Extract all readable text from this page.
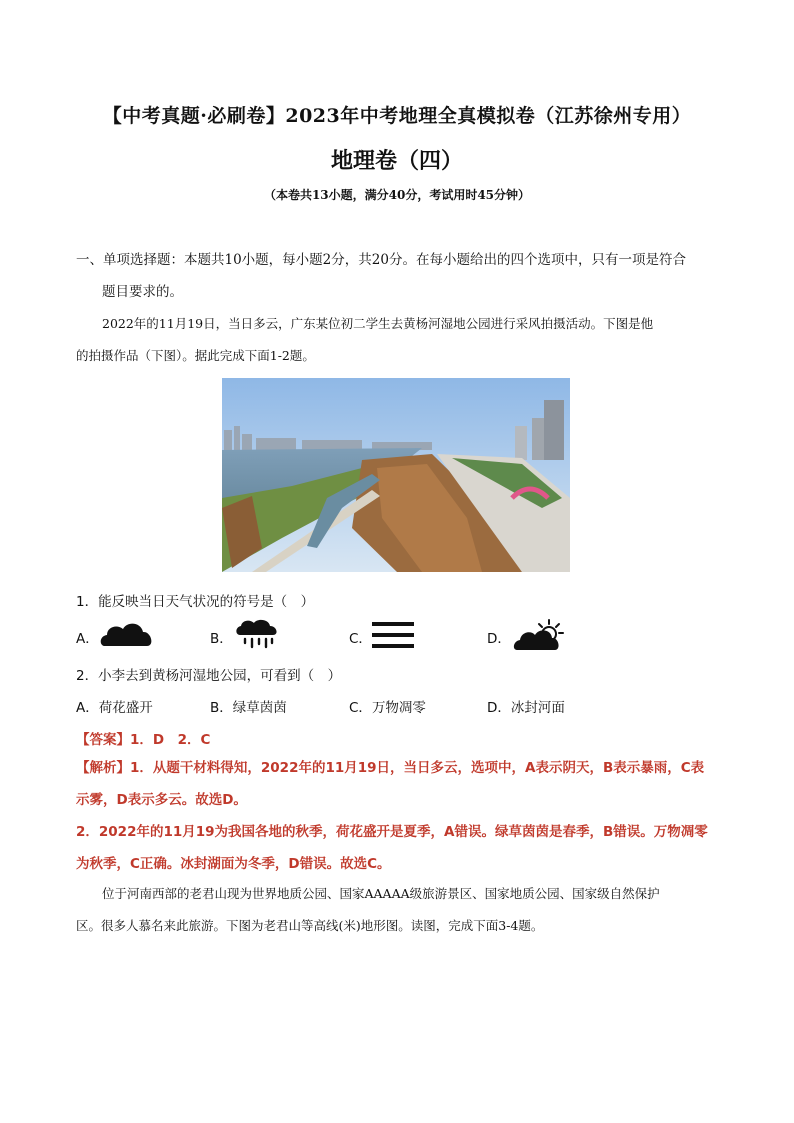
【中考真题·必刷卷】2023年中考地理全真模拟卷（江苏徐州专用）
地理卷（四）
（本卷共13小题，满分40分，考试用时45分钟）
一、单项选择题：本题共10小题，每小题2分，共20分。在每小题给出的四个选项中，只有一项是符合
题目要求的。
2022年的11月19日，当日多云，广东某位初二学生去黄杨河湿地公园进行采风拍摄活动。下图是他
的拍摄作品（下图）。据此完成下面1-2题。
1．能反映当日天气状况的符号是（　）
A．	B．	C．	D．
2．小李去到黄杨河湿地公园，可看到（　）
A．荷花盛开	B．绿草茵茵	C．万物凋零	D．冰封河面
【答案】1．D　2．C
【解析】1．从题干材料得知，2022年的11月19日，当日多云，选项中，A表示阴天，B表示暴雨，C表
示雾，D表示多云。故选D。
2．2022年的11月19为我国各地的秋季，荷花盛开是夏季，A错误。绿草茵茵是春季，B错误。万物凋零
为秋季，C正确。冰封湖面为冬季，D错误。故选C。
位于河南西部的老君山现为世界地质公园、国家AAAAA级旅游景区、国家地质公园、国家级自然保护
区。很多人慕名来此旅游。下图为老君山等高线(米)地形图。读图，完成下面3-4题。
